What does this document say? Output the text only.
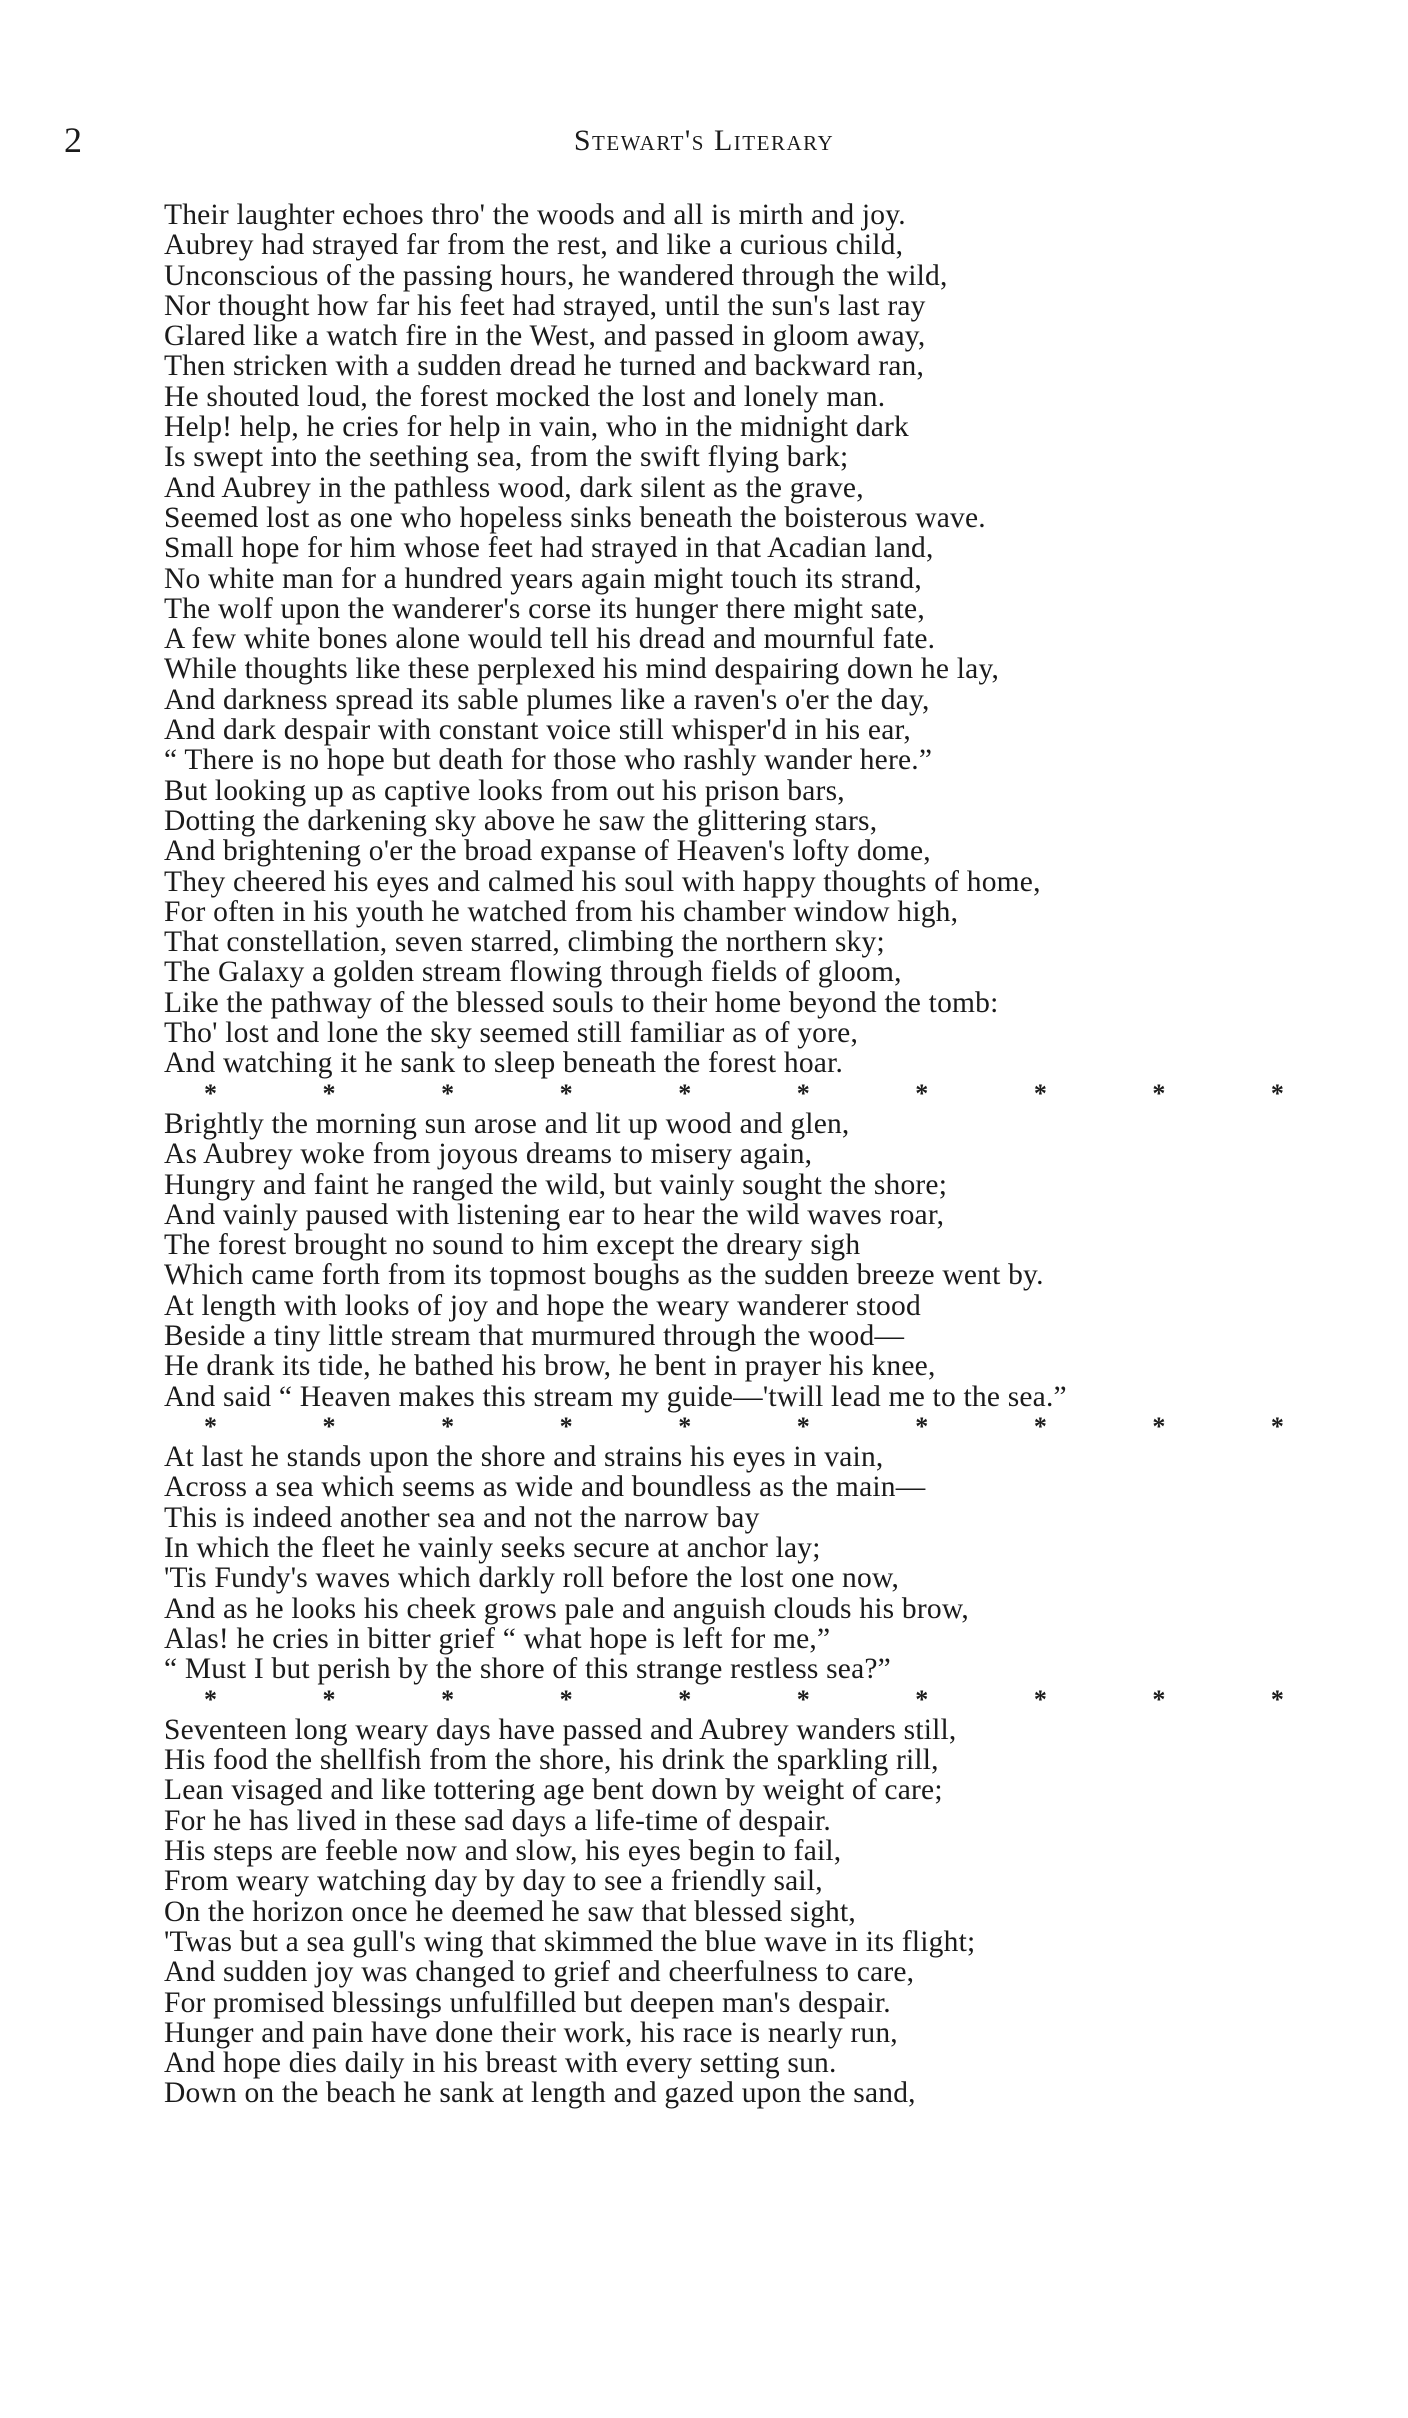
2	Stewart's Literary
Their laughter echoes thro' the woods and all is mirth and joy.
Aubrey had strayed far from the rest, and like a curious child,
Unconscious of the passing hours, he wandered through the wild,
Nor thought how far his feet had strayed, until the sun's last ray
Glared like a watch fire in the West, and passed in gloom away,
Then stricken with a sudden dread he turned and backward ran,
He shouted loud, the forest mocked the lost and lonely man.
Help! help, he cries for help in vain, who in the midnight dark
Is swept into the seething sea, from the swift flying bark;
And Aubrey in the pathless wood, dark silent as the grave,
Seemed lost as one who hopeless sinks beneath the boisterous wave.
Small hope for him whose feet had strayed in that Acadian land,
No white man for a hundred years again might touch its strand,
The wolf upon the wanderer's corse its hunger there might sate,
A few white bones alone would tell his dread and mournful fate.
While thoughts like these perplexed his mind despairing down he lay,
And darkness spread its sable plumes like a raven's o'er the day,
And dark despair with constant voice still whisper'd in his ear,
“ There is no hope but death for those who rashly wander here.”
But looking up as captive looks from out his prison bars,
Dotting the darkening sky above he saw the glittering stars,
And brightening o'er the broad expanse of Heaven's lofty dome,
They cheered his eyes and calmed his soul with happy thoughts of home,
For often in his youth he watched from his chamber window high,
That constellation, seven starred, climbing the northern sky;
The Galaxy a golden stream flowing through fields of gloom,
Like the pathway of the blessed souls to their home beyond the tomb:
Tho' lost and lone the sky seemed still familiar as of yore,
And watching it he sank to sleep beneath the forest hoar.
*	*	*	*	*	*	*	*	*	*
Brightly the morning sun arose and lit up wood and glen,
As Aubrey woke from joyous dreams to misery again,
Hungry and faint he ranged the wild, but vainly sought the shore;
And vainly paused with listening ear to hear the wild waves roar,
The forest brought no sound to him except the dreary sigh
Which came forth from its topmost boughs as the sudden breeze went by.
At length with looks of joy and hope the weary wanderer stood
Beside a tiny little stream that murmured through the wood—
He drank its tide, he bathed his brow, he bent in prayer his knee,
And said “ Heaven makes this stream my guide—'twill lead me to the sea.”
*	*	*	*	*	*	*	*	*	*
At last he stands upon the shore and strains his eyes in vain,
Across a sea which seems as wide and boundless as the main—
This is indeed another sea and not the narrow bay
In which the fleet he vainly seeks secure at anchor lay;
'Tis Fundy's waves which darkly roll before the lost one now,
And as he looks his cheek grows pale and anguish clouds his brow,
Alas! he cries in bitter grief “ what hope is left for me,”
“ Must I but perish by the shore of this strange restless sea?”
*	*	*	*	*	*	*	*	*	*
Seventeen long weary days have passed and Aubrey wanders still,
His food the shellfish from the shore, his drink the sparkling rill,
Lean visaged and like tottering age bent down by weight of care;
For he has lived in these sad days a life-time of despair.
His steps are feeble now and slow, his eyes begin to fail,
From weary watching day by day to see a friendly sail,
On the horizon once he deemed he saw that blessed sight,
'Twas but a sea gull's wing that skimmed the blue wave in its flight;
And sudden joy was changed to grief and cheerfulness to care,
For promised blessings unfulfilled but deepen man's despair.
Hunger and pain have done their work, his race is nearly run,
And hope dies daily in his breast with every setting sun.
Down on the beach he sank at length and gazed upon the sand,
